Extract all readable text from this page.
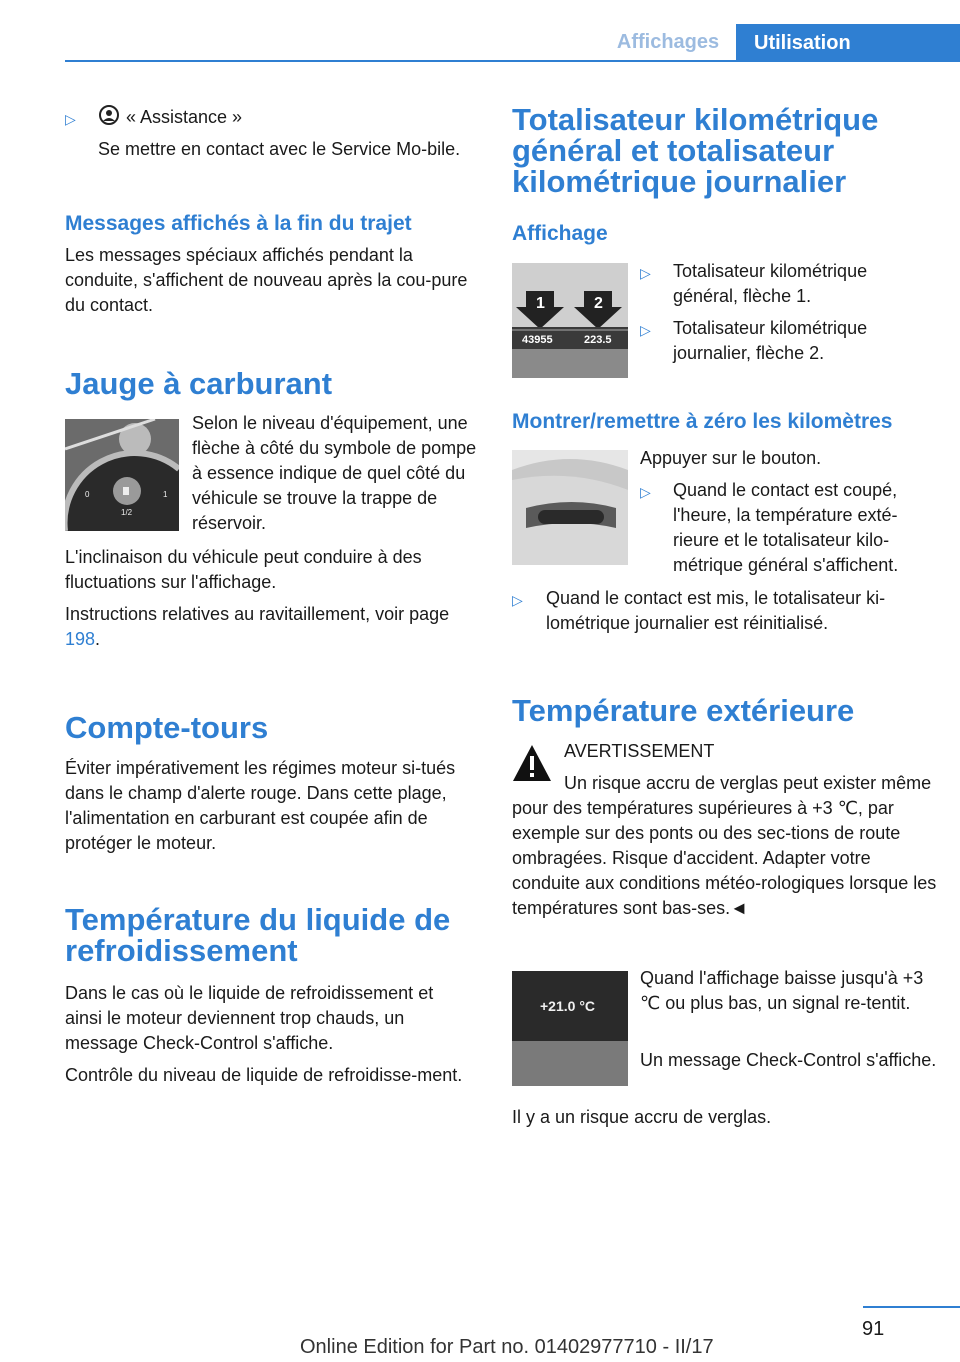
Affichages	Utilisation
▷	« Assistance »

Se mettre en contact avec le Service Mo-bile.

Messages affichés à la fin du trajet

Les messages spéciaux affichés pendant la conduite, s'affichent de nouveau après la cou-pure du contact.

Jauge à carburant
0
1/2
1

Selon le niveau d'équipement, une flèche à côté du symbole de pompe à essence indique de quel côté du véhicule se trouve la trappe de réservoir.

L'inclinaison du véhicule peut conduire à des fluctuations sur l'affichage.

Instructions relatives au ravitaillement, voir page 198.

Compte-tours

Éviter impérativement les régimes moteur si-tués dans le champ d'alerte rouge. Dans cette plage, l'alimentation en carburant est coupée afin de protéger le moteur.

Température du liquide de refroidissement

Dans le cas où le liquide de refroidissement et ainsi le moteur deviennent trop chauds, un message Check-Control s'affiche.

Contrôle du niveau de liquide de refroidisse-ment.

Totalisateur kilométrique général et totalisateur kilométrique journalier
Affichage
1	2
43955	223.5
▷ Totalisateur kilométrique général, flèche 1.

▷ Totalisateur kilométrique journalier, flèche 2.

Montrer/remettre à zéro les kilomètres

Appuyer sur le bouton.

▷ Quand le contact est coupé, l'heure, la température exté-rieure et le totalisateur kilo-métrique général s'affichent.

▷ Quand le contact est mis, le totalisateur ki-lométrique journalier est réinitialisé.

Température extérieure

AVERTISSEMENT

Un risque accru de verglas peut exister même pour des températures supérieures à +3 ℃, par exemple sur des ponts ou des sec-tions de route ombragées. Risque d'accident. Adapter votre conduite aux conditions météo-rologiques lorsque les températures sont bas-ses.◄

+21.0 °C

Quand l'affichage baisse jusqu'à +3 ℃ ou plus bas, un signal re-tentit.

Un message Check-Control s'affiche.

Il y a un risque accru de verglas.

91
Online Edition for Part no. 01402977710 - II/17
